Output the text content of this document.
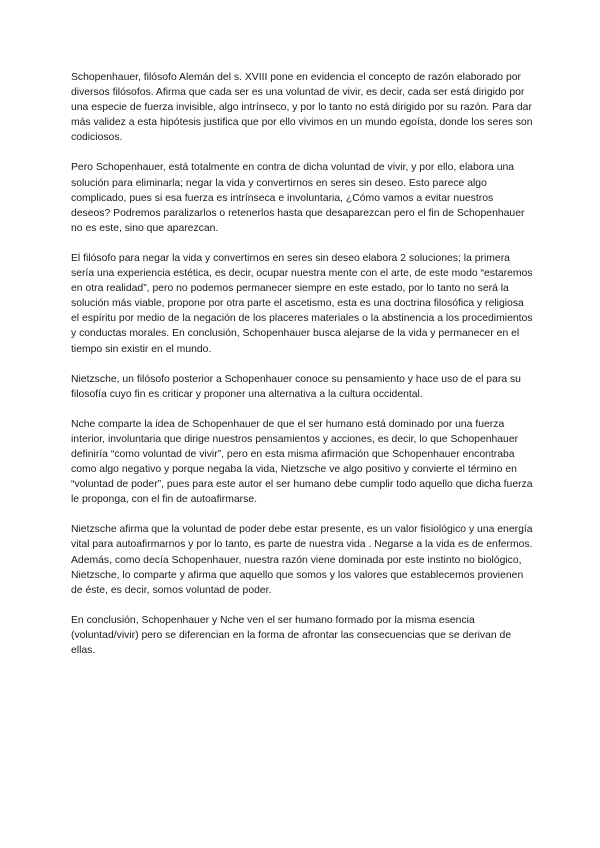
Schopenhauer, filósofo Alemán del s. XVIII pone en evidencia el concepto de razón elaborado por diversos filósofos. Afirma que cada ser es una voluntad de vivir, es decir, cada ser está dirigido por una especie de fuerza invisible, algo intrínseco, y por lo tanto no está dirigido por su razón. Para dar más validez a esta hipótesis justifica que por ello vivimos en un mundo egoísta, donde los seres son codiciosos.

Pero Schopenhauer, está totalmente en contra de dicha voluntad de vivir, y por ello, elabora una solución para eliminarla; negar la vida y convertirnos en seres sin deseo. Esto parece algo complicado, pues si esa fuerza es intrínseca e involuntaria, ¿Cómo vamos a evitar nuestros deseos? Podremos paralizarlos o retenerlos hasta que desaparezcan pero el fin de Schopenhauer no es este, sino que aparezcan.

El filósofo para negar la vida y convertirnos en seres sin deseo elabora 2 soluciones; la primera sería una experiencia estética, es decir, ocupar nuestra mente con el arte, de este modo “estaremos en otra realidad”, pero no podemos permanecer siempre en este estado, por lo tanto no será la solución más viable, propone por otra parte el ascetismo, esta es una doctrina filosófica y religiosa el espíritu por medio de la negación de los placeres materiales o la abstinencia a los procedimientos y conductas morales. En conclusión, Schopenhauer busca alejarse de la vida y permanecer en el tiempo sin existir en el mundo.

Nietzsche, un filósofo posterior a Schopenhauer conoce su pensamiento y hace uso de el para su filosofía cuyo fin es criticar y proponer una alternativa a la cultura occidental.

Nche comparte la idea de Schopenhauer de que el ser humano está dominado por una fuerza interior, involuntaria que dirige nuestros pensamientos y acciones, es decir, lo que Schopenhauer definiría “como voluntad de vivir”, pero en esta misma afirmación que Schopenhauer encontraba como algo negativo y porque negaba la vida, Nietzsche ve algo positivo y convierte el término en “voluntad de poder”, pues para este autor el ser humano debe cumplir todo aquello que dicha fuerza le proponga, con el fin de autoafirmarse.

Nietzsche afirma que la voluntad de poder debe estar presente, es un valor fisiológico y una energía vital para autoafirmarnos y por lo tanto, es parte de nuestra vida . Negarse a la vida es de enfermos. Además, como decía Schopenhauer, nuestra razón viene dominada por este instinto no biológico, Nietzsche, lo comparte y afirma que aquello que somos y los valores que establecemos provienen de éste, es decir, somos voluntad de poder.

En conclusión, Schopenhauer y Nche ven el ser humano formado por la misma esencia (voluntad/vivir) pero se diferencian en la forma de afrontar las consecuencias que se derivan de ellas.
